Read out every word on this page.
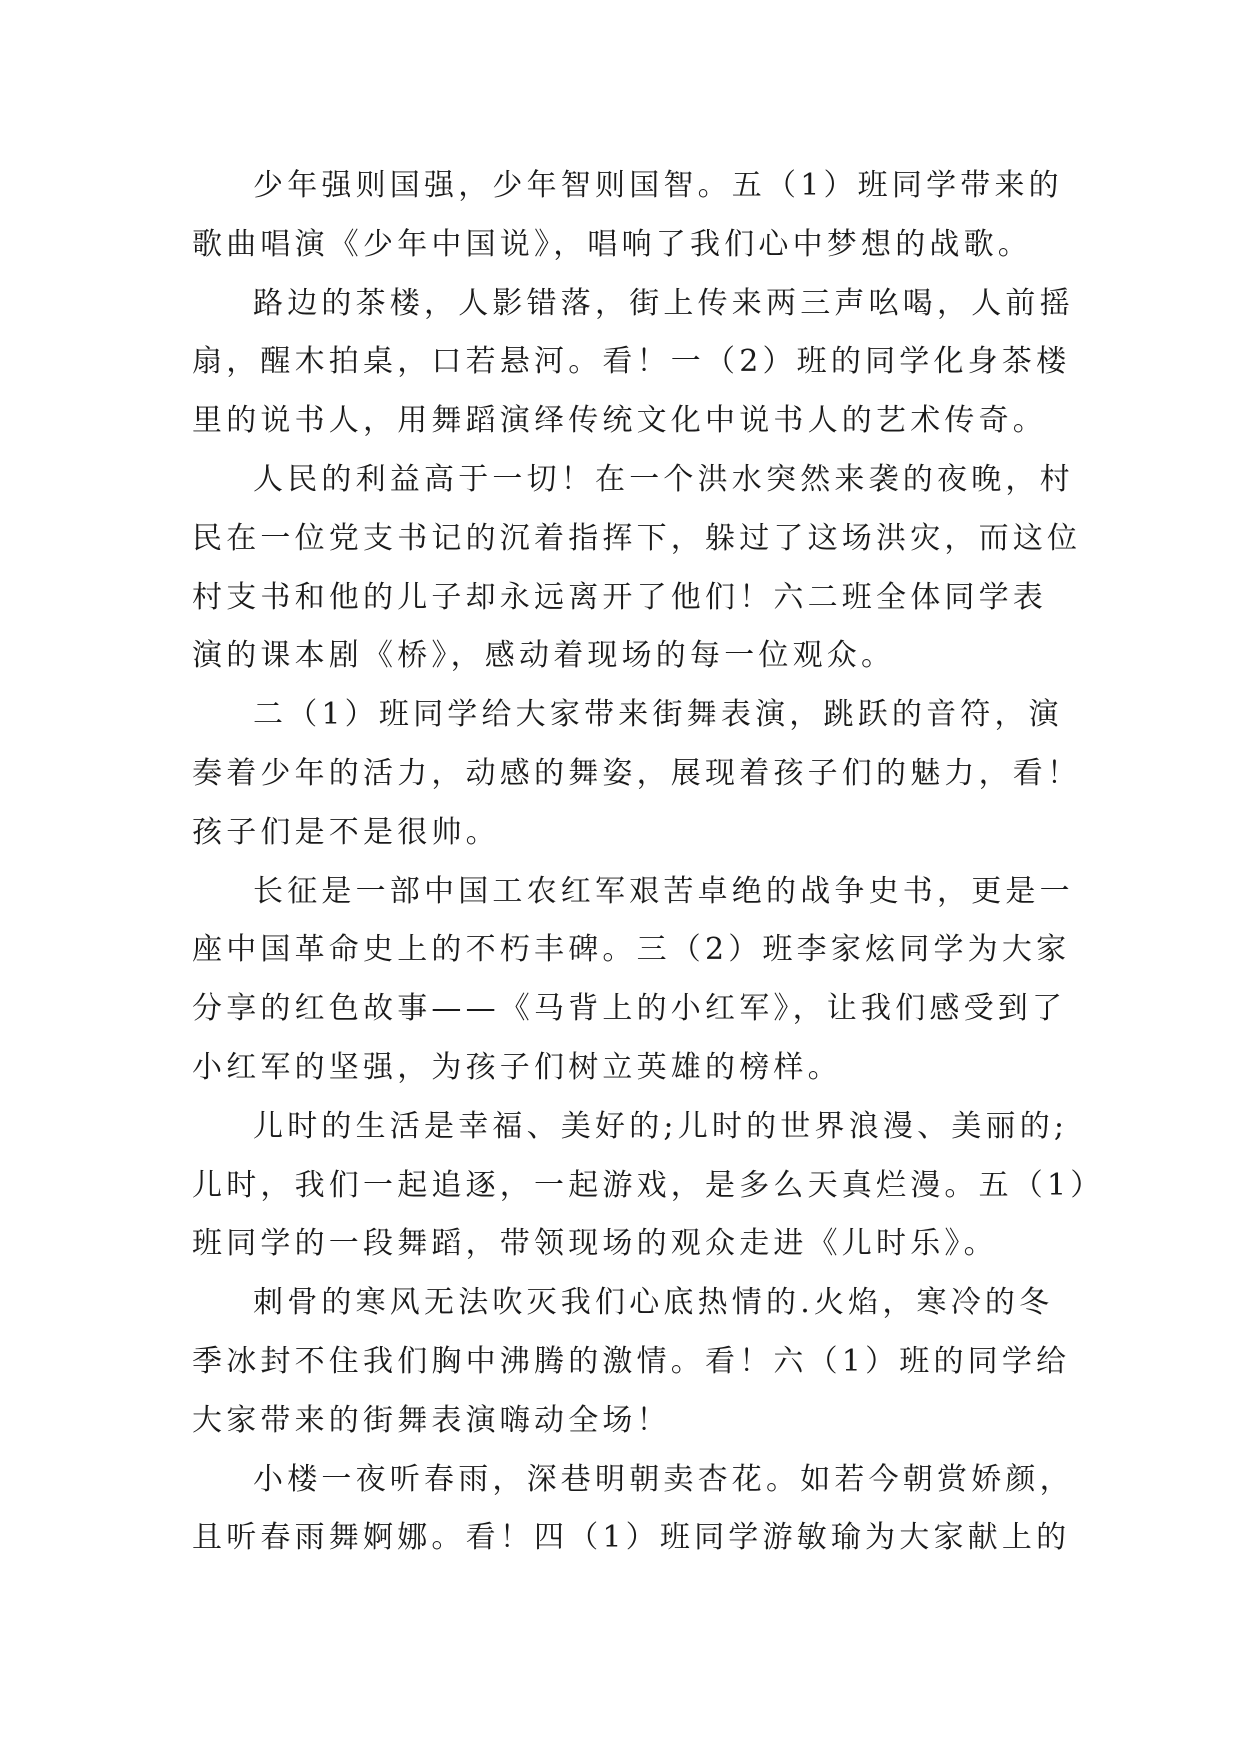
少年强则国强，少年智则国智。五（1）班同学带来的
歌曲唱演《少年中国说》，唱响了我们心中梦想的战歌。
路边的茶楼，人影错落，街上传来两三声吆喝，人前摇
扇，醒木拍桌，口若悬河。看！一（2）班的同学化身茶楼
里的说书人，用舞蹈演绎传统文化中说书人的艺术传奇。
人民的利益高于一切！在一个洪水突然来袭的夜晚，村
民在一位党支书记的沉着指挥下，躲过了这场洪灾，而这位
村支书和他的儿子却永远离开了他们！六二班全体同学表
演的课本剧《桥》，感动着现场的每一位观众。
二（1）班同学给大家带来街舞表演，跳跃的音符，演
奏着少年的活力，动感的舞姿，展现着孩子们的魅力，看！
孩子们是不是很帅。
长征是一部中国工农红军艰苦卓绝的战争史书，更是一
座中国革命史上的不朽丰碑。三（2）班李家炫同学为大家
分享的红色故事——《马背上的小红军》，让我们感受到了
小红军的坚强，为孩子们树立英雄的榜样。
儿时的生活是幸福、美好的;儿时的世界浪漫、美丽的;
儿时，我们一起追逐，一起游戏，是多么天真烂漫。五（1）
班同学的一段舞蹈，带领现场的观众走进《儿时乐》。
刺骨的寒风无法吹灭我们心底热情的.火焰，寒冷的冬
季冰封不住我们胸中沸腾的激情。看！六（1）班的同学给
大家带来的街舞表演嗨动全场！
小楼一夜听春雨，深巷明朝卖杏花。如若今朝赏娇颜，
且听春雨舞婀娜。看！四（1）班同学游敏瑜为大家献上的
